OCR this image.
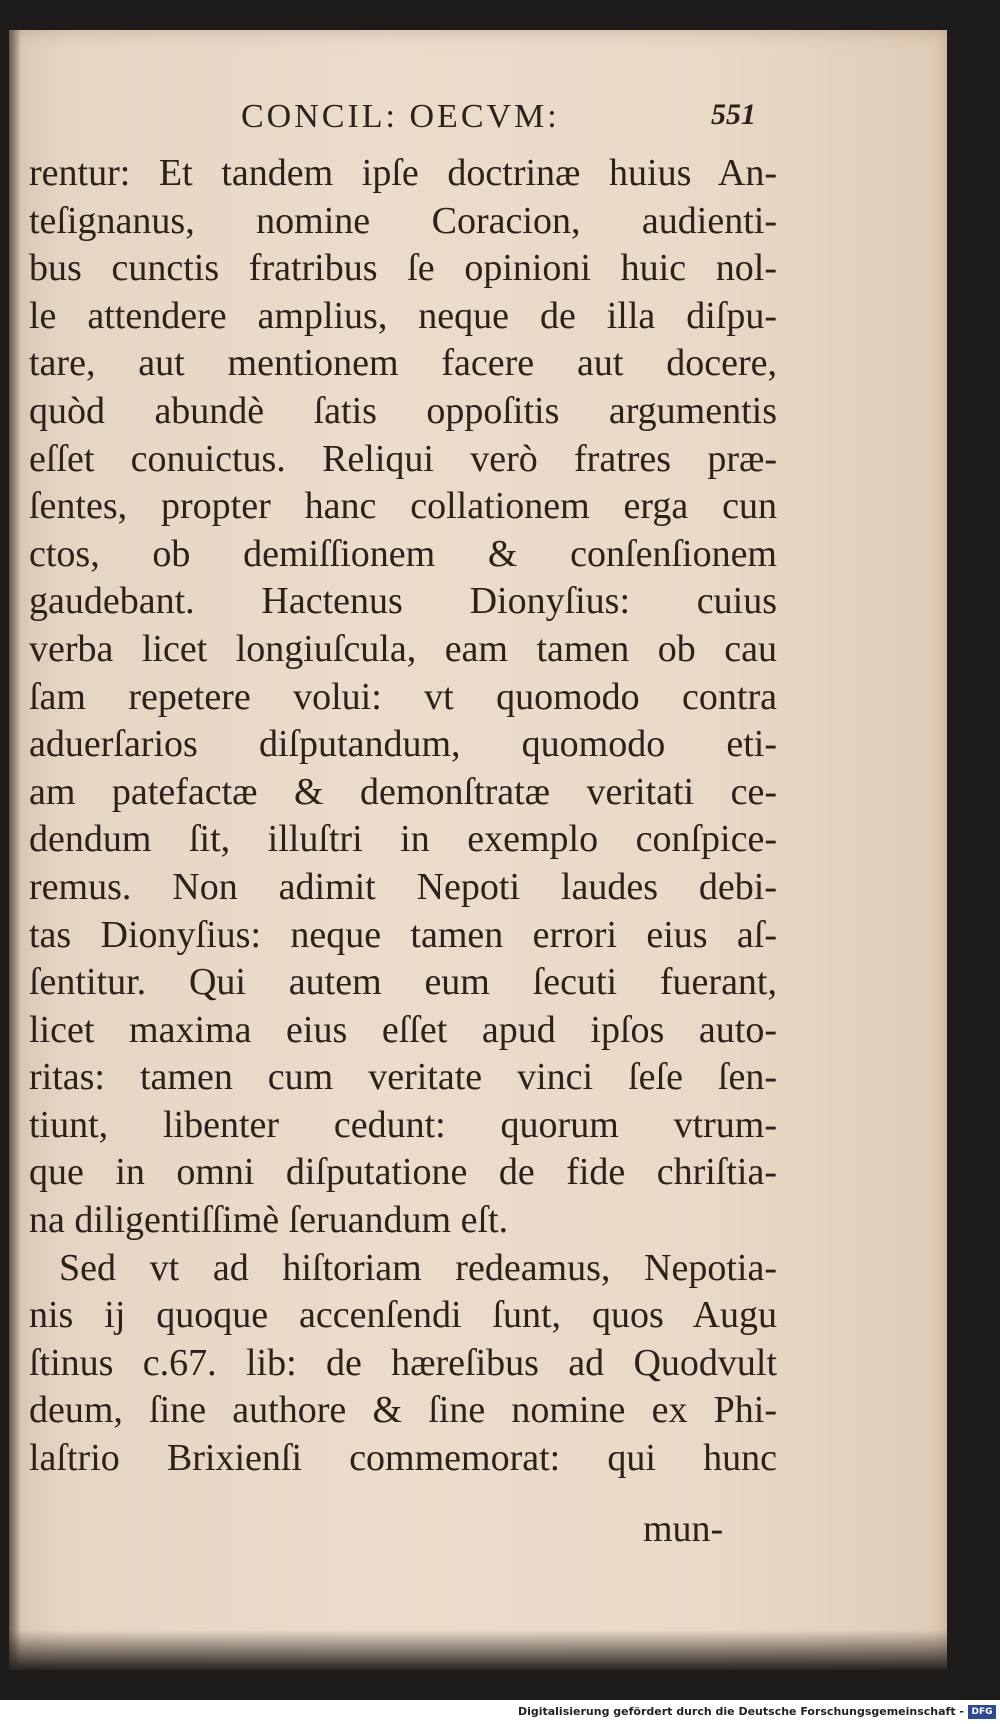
CONCIL: OECVM:	551
rentur: Et tandem ipſe doctrinæ huius An-
teſignanus, nomine Coracion, audienti-
bus cunctis fratribus ſe opinioni huic nol-
le attendere amplius, neque de illa diſpu-
tare, aut mentionem facere aut docere,
quòd abundè ſatis oppoſitis argumentis
eſſet conuictus. Reliqui verò fratres præ-
ſentes, propter hanc collationem erga cun
ctos, ob demiſſionem & conſenſionem
gaudebant. Hactenus Dionyſius: cuius
verba licet longiuſcula, eam tamen ob cau
ſam repetere volui: vt quomodo contra
aduerſarios diſputandum, quomodo eti-
am patefactæ & demonſtratæ veritati ce-
dendum ſit, illuſtri in exemplo conſpice-
remus. Non adimit Nepoti laudes debi-
tas Dionyſius: neque tamen errori eius aſ-
ſentitur. Qui autem eum ſecuti fuerant,
licet maxima eius eſſet apud ipſos auto-
ritas: tamen cum veritate vinci ſeſe ſen-
tiunt, libenter cedunt: quorum vtrum-
que in omni diſputatione de fide chriſtia-
na diligentiſſimè ſeruandum eſt.
Sed vt ad hiſtoriam redeamus, Nepotia-
nis ij quoque accenſendi ſunt, quos Augu
ſtinus c.67. lib: de hæreſibus ad Quodvult
deum, ſine authore & ſine nomine ex Phi-
laſtrio Brixienſi commemorat: qui hunc
mun-
Digitalisierung gefördert durch die Deutsche Forschungsgemeinschaft - DFG
